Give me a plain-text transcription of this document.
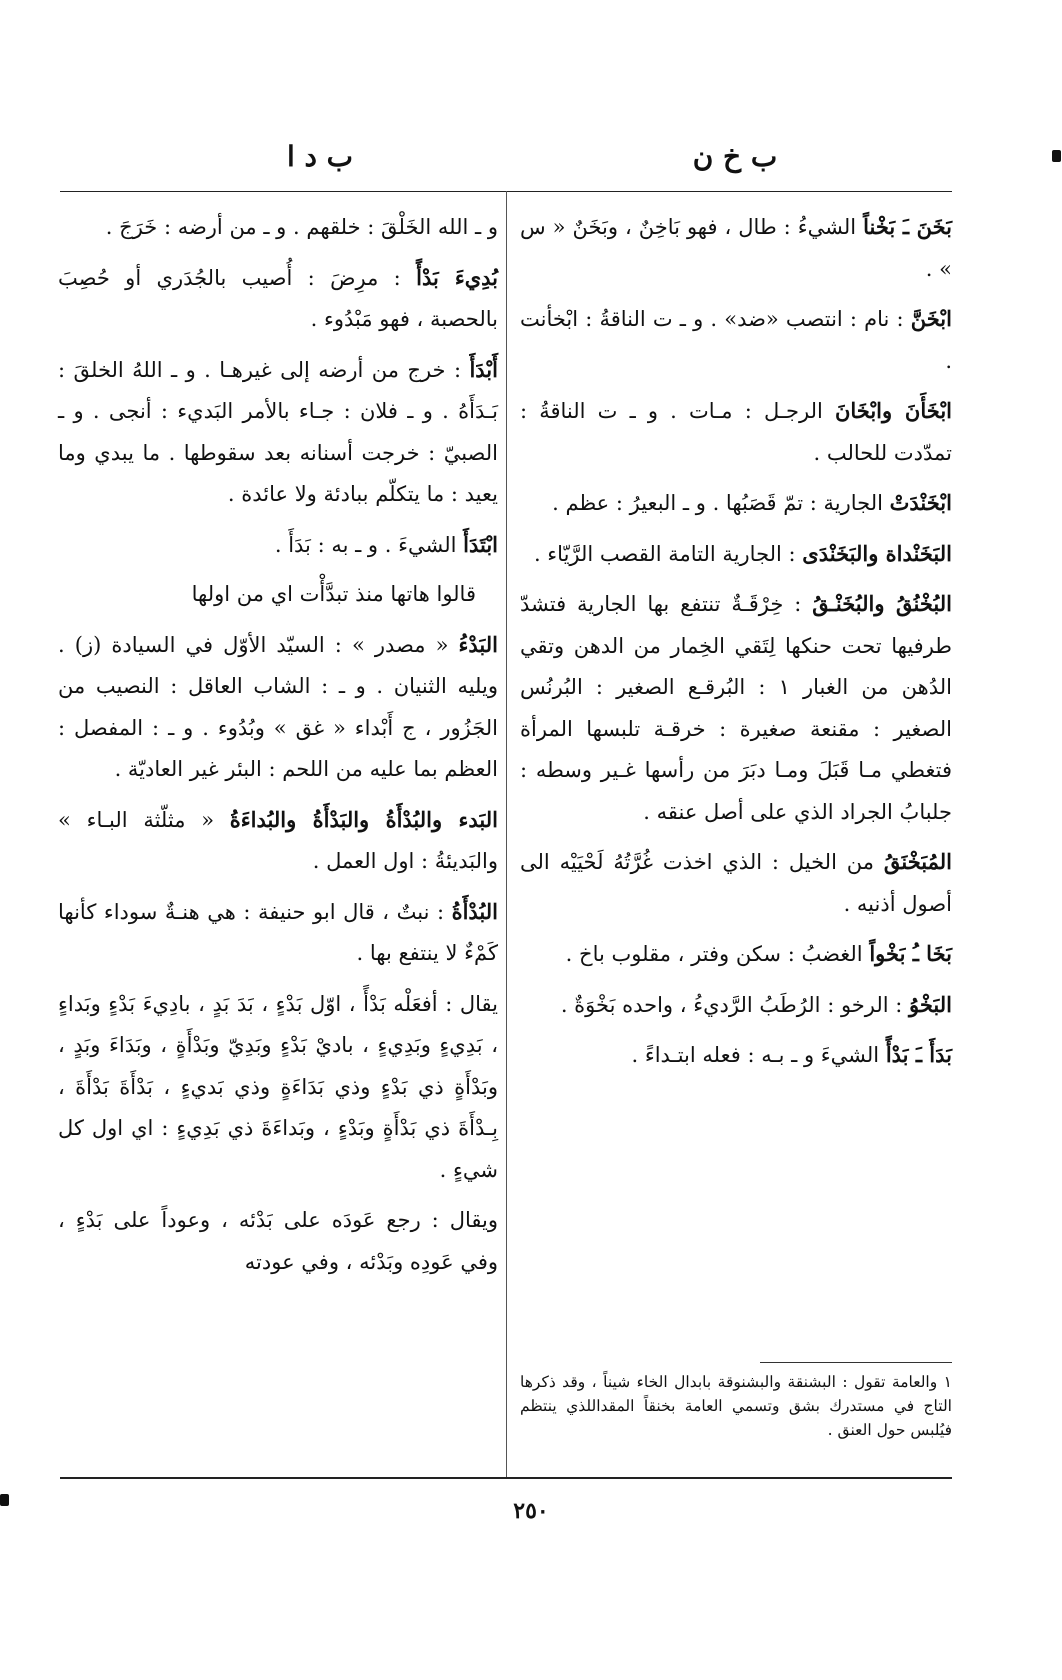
ب خ ن
ب د ا

بَخَنَ ـَ بَخْناً الشيءُ : طال ، فهو بَاخِنٌ ، وبَخَنٌ « س » .

ابْخَنَّ : نام : انتصب «ضد» . و ـ ت الناقةُ : ابْخأنت .

ابْخَأَنَ وابْخَانَ الرجـل : مـات . و ـ ت الناقةُ : تمدّدت للحالب .

ابْخَنْدَتْ الجارية : تمّ قَصَبُها . و ـ البعيرُ : عظم .

البَخَنْداة والبَخَنْدَى : الجارية التامة القصب الرَّيّاء .

البُخْنُقُ والبُخَنْـقُ : خِرْقَـةٌ تنتفع بها الجارية فتشدّ طرفيها تحت حنكها لِتَقي الخِمار من الدهن وتقي الدُهن من الغبار ١ : البُرقـع الصغير : البُرنُس الصغير : مقنعة صغيرة : خرقـة تلبسها المرأة فتغطي مـا قَبَلَ ومـا دبَرَ من رأسها غـير وسطه : جلبابُ الجراد الذي على أصل عنقه .

المُبَخْنَقُ من الخيل : الذي اخذت غُرَّتُهُ لَحْيَيْه الى أصول أذنيه .

بَخَا ـُ بَخْواً الغضبُ : سكن وفتر ، مقلوب باخ .

البَخْوُ : الرخو : الرُطَبُ الرَّديءُ ، واحده بَخْوَةٌ .

بَدَأَ ـَ بَدْأً الشيءَ و ـ بـه : فعله ابتـداءً .

١ والعامة تقول : البشنقة والبشنوقة بابدال الخاء شيناً ، وقد ذكرها التاج في مستدرك بشق وتسمي العامة بخنقاً المقداللذي ينتظم فيُلبس حول العنق .

و ـ الله الخَلْقَ : خلقهم . و ـ من أرضه : خَرَجَ .

بُدِيءَ بَدْأً : مرِضَ : أُصيب بالجُدَري أو حُصِبَ بالحصبة ، فهو مَبْدُوء .

أَبْدَأَ : خرج من أرضه إلى غيرهـا . و ـ اللهُ الخلقَ : بَـدَأَهُ . و ـ فلان : جـاء بالأمر البَديء : أنجى . و ـ الصبيّ : خرجت أسنانه بعد سقوطها . ما يبدي وما يعيد : ما يتكلّم ببادئة ولا عائدة .

ابْتَدَأَ الشيءَ . و ـ به : بَدَأَ .

قالوا هاتها منذ تبدَّأْت اي من اولها

البَدْءُ « مصدر » : السيّد الأوّل في السيادة (ز) . ويليه الثنيان . و ـ : الشاب العاقل : النصيب من الجَزُور ، ج أَبْداء « غق » وبُدُوء . و ـ : المفصل : العظم بما عليه من اللحم : البئر غير العاديّة .

البَدء والبُدْأَةُ والبَدْأَةُ والبُداءَةُ « مثلّثة البـاء » والبَديئةُ : اول العمل .

البُدْأَةُ : نبتٌ ، قال ابو حنيفة : هي هنـةٌ سوداء كأنها كَمْءٌ لا ينتفع بها .

يقال : أفعَلْه بَدْأً ، اوّل بَدْءٍ ، بَدَ بَدٍ ، بادِيءَ بَدْءٍ وبَداءٍ ، بَدِيءٍ وبَدِيءٍ ، باديْ بَدْءٍ وبَدِيّ وبَدْأَةٍ ، وبَدَاءَ وبَدٍ ، وبَدْأَةٍ ذي بَدْءٍ وذي بَدَاءَةٍ وذي بَديءٍ ، بَدْأَةَ بَدْأَةَ ، بِـدْأَةَ ذي بَدْأَةٍ وبَدْءٍ ، وبَداءَةَ ذي بَدِيءٍ : اي اول كل شيءٍ .

ويقال : رجع عَودَه على بَدْئه ، وعوداً على بَدْءٍ ، وفي عَودِه وبَدْئه ، وفي عودته

٢٥٠
